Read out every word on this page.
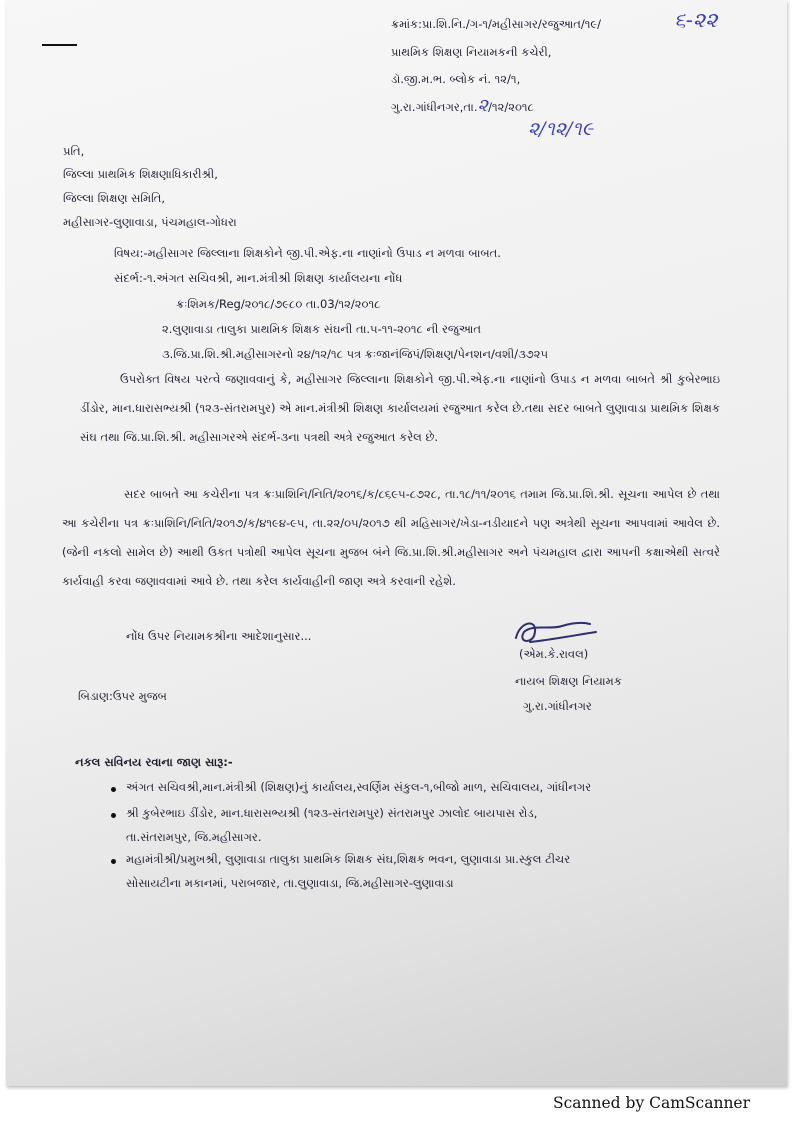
ક્રમાંક:પ્રા.શિ.નિ./ગ-૧/મહીસાગર/રજુઆત/૧૯/	૬-૨૨
પ્રાથમિક શિક્ષણ નિયામકની કચેરી,
ડૉ.જી.મ.ભ. બ્લોક નં. ૧૨/૧,
ગુ.રા.ગાંધીનગર,તા.૨/૧૨/૨૦૧૮
૨/૧૨/૧૯
પ્રતિ,
જિલ્લા પ્રાથમિક શિક્ષણાધિકારીશ્રી,
જિલ્લા શિક્ષણ સમિતિ,
મહીસાગર-લુણાવાડા, પંચમહાલ-ગોધરા
વિષય:-મહીસાગર જિલ્લાના શિક્ષકોને જી.પી.એફ.ના નાણાંનો ઉપાડ ન મળવા બાબત.
સંદર્ભ:-૧.અંગત સચિવશ્રી, માન.મંત્રીશ્રી શિક્ષણ કાર્યાલયના નોંધ
ક્રઃશિમક/Reg/૨૦૧૮/૭૯૮૦ તા.03/૧૨/૨૦૧૮
૨.લુણાવાડા તાલુકા પ્રાથમિક શિક્ષક સંઘની તા.૫-૧૧-૨૦૧૮ ની રજુઆત
૩.જિ.પ્રા.શિ.શ્રી.મહીસાગરનો ૨૪/૧૨/૧૮ પત્ર ક્રઃજાનંજિપં/શિક્ષણ/પેનશન/વશી/૩૭૨૫
ઉપરોક્ત વિષય પરત્વે જણાવવાનું કે, મહીસાગર જિલ્લાના શિક્ષકોને જી.પી.એફ.ના નાણાંનો ઉપાડ ન મળવા બાબતે શ્રી કુબેરભાઇ ડીંડોર, માન.ધારાસભ્યશ્રી (૧૨૩-સંતરામપુર) એ માન.મંત્રીશ્રી શિક્ષણ કાર્યાલયમાં રજુઆત કરેલ છે.તથા સદર બાબતે લુણાવાડા પ્રાથમિક શિક્ષક સંઘ તથા જિ.પ્રા.શિ.શ્રી. મહીસાગરએ સંદર્ભ-૩ના પત્રથી અત્રે રજુઆત કરેલ છે.
સદર બાબતે આ કચેરીના પત્ર ક્રઃપ્રાશિનિ/નિતિ/૨૦૧૬/ક/૮૬૯૫-૮૭૨૮, તા.૧૮/૧૧/૨૦૧૬ તમામ જિ.પ્રા.શિ.શ્રી. સૂચના આપેલ છે તથા આ કચેરીના પત્ર ક્રઃપ્રાશિનિ/નિતિ/૨૦૧૭/ક/૪૧૯૪-૯૫, તા.૨૨/૦૫/૨૦૧૭ થી મહિસાગર/ખેડા-નડીયાદને પણ અત્રેથી સૂચના આપવામાં આવેલ છે. (જેની નકલો સામેલ છે) આથી ઉકત પત્રોથી આપેલ સૂચના મુજબ બંને જિ.પ્રા.શિ.શ્રી.મહીસાગર અને પંચમહાલ દ્વારા આપની કક્ષાએથી સત્વરે કાર્યવાહી કરવા જણાવવામાં આવે છે. તથા કરેલ કાર્યવાહીની જાણ અત્રે કરવાની રહેશે.
નોંધ ઉપર નિયામકશ્રીના આદેશાનુસાર...
(એમ.કે.રાવલ)
નાયબ શિક્ષણ નિયામક
ગુ.રા.ગાંધીનગર
બિડાણ:ઉપર મુજબ
નકલ સવિનય રવાના જાણ સારૂ:-
અંગત સચિવશ્રી,માન.મંત્રીશ્રી (શિક્ષણ)નું કાર્યાલય,સ્વર્ણિમ સંકુલ-૧,બીજો માળ, સચિવાલય, ગાંધીનગર
શ્રી કુબેરભાઇ ડીંડોર, માન.ધારાસભ્યશ્રી (૧૨૩-સંતરામપુર) સંતરામપુર ઝાલોદ બાયપાસ રોડ,
તા.સંતરામપુર, જિ.મહીસાગર.
મહામંત્રીશ્રી/પ્રમુખશ્રી, લુણાવાડા તાલુકા પ્રાથમિક શિક્ષક સંઘ,શિક્ષક ભવન, લુણાવાડા પ્રા.સ્કુલ ટીચર
સોસાયટીના મકાનમાં, પરાબજાર, તા.લુણાવાડા, જિ.મહીસાગર-લુણાવાડા
Scanned by CamScanner
